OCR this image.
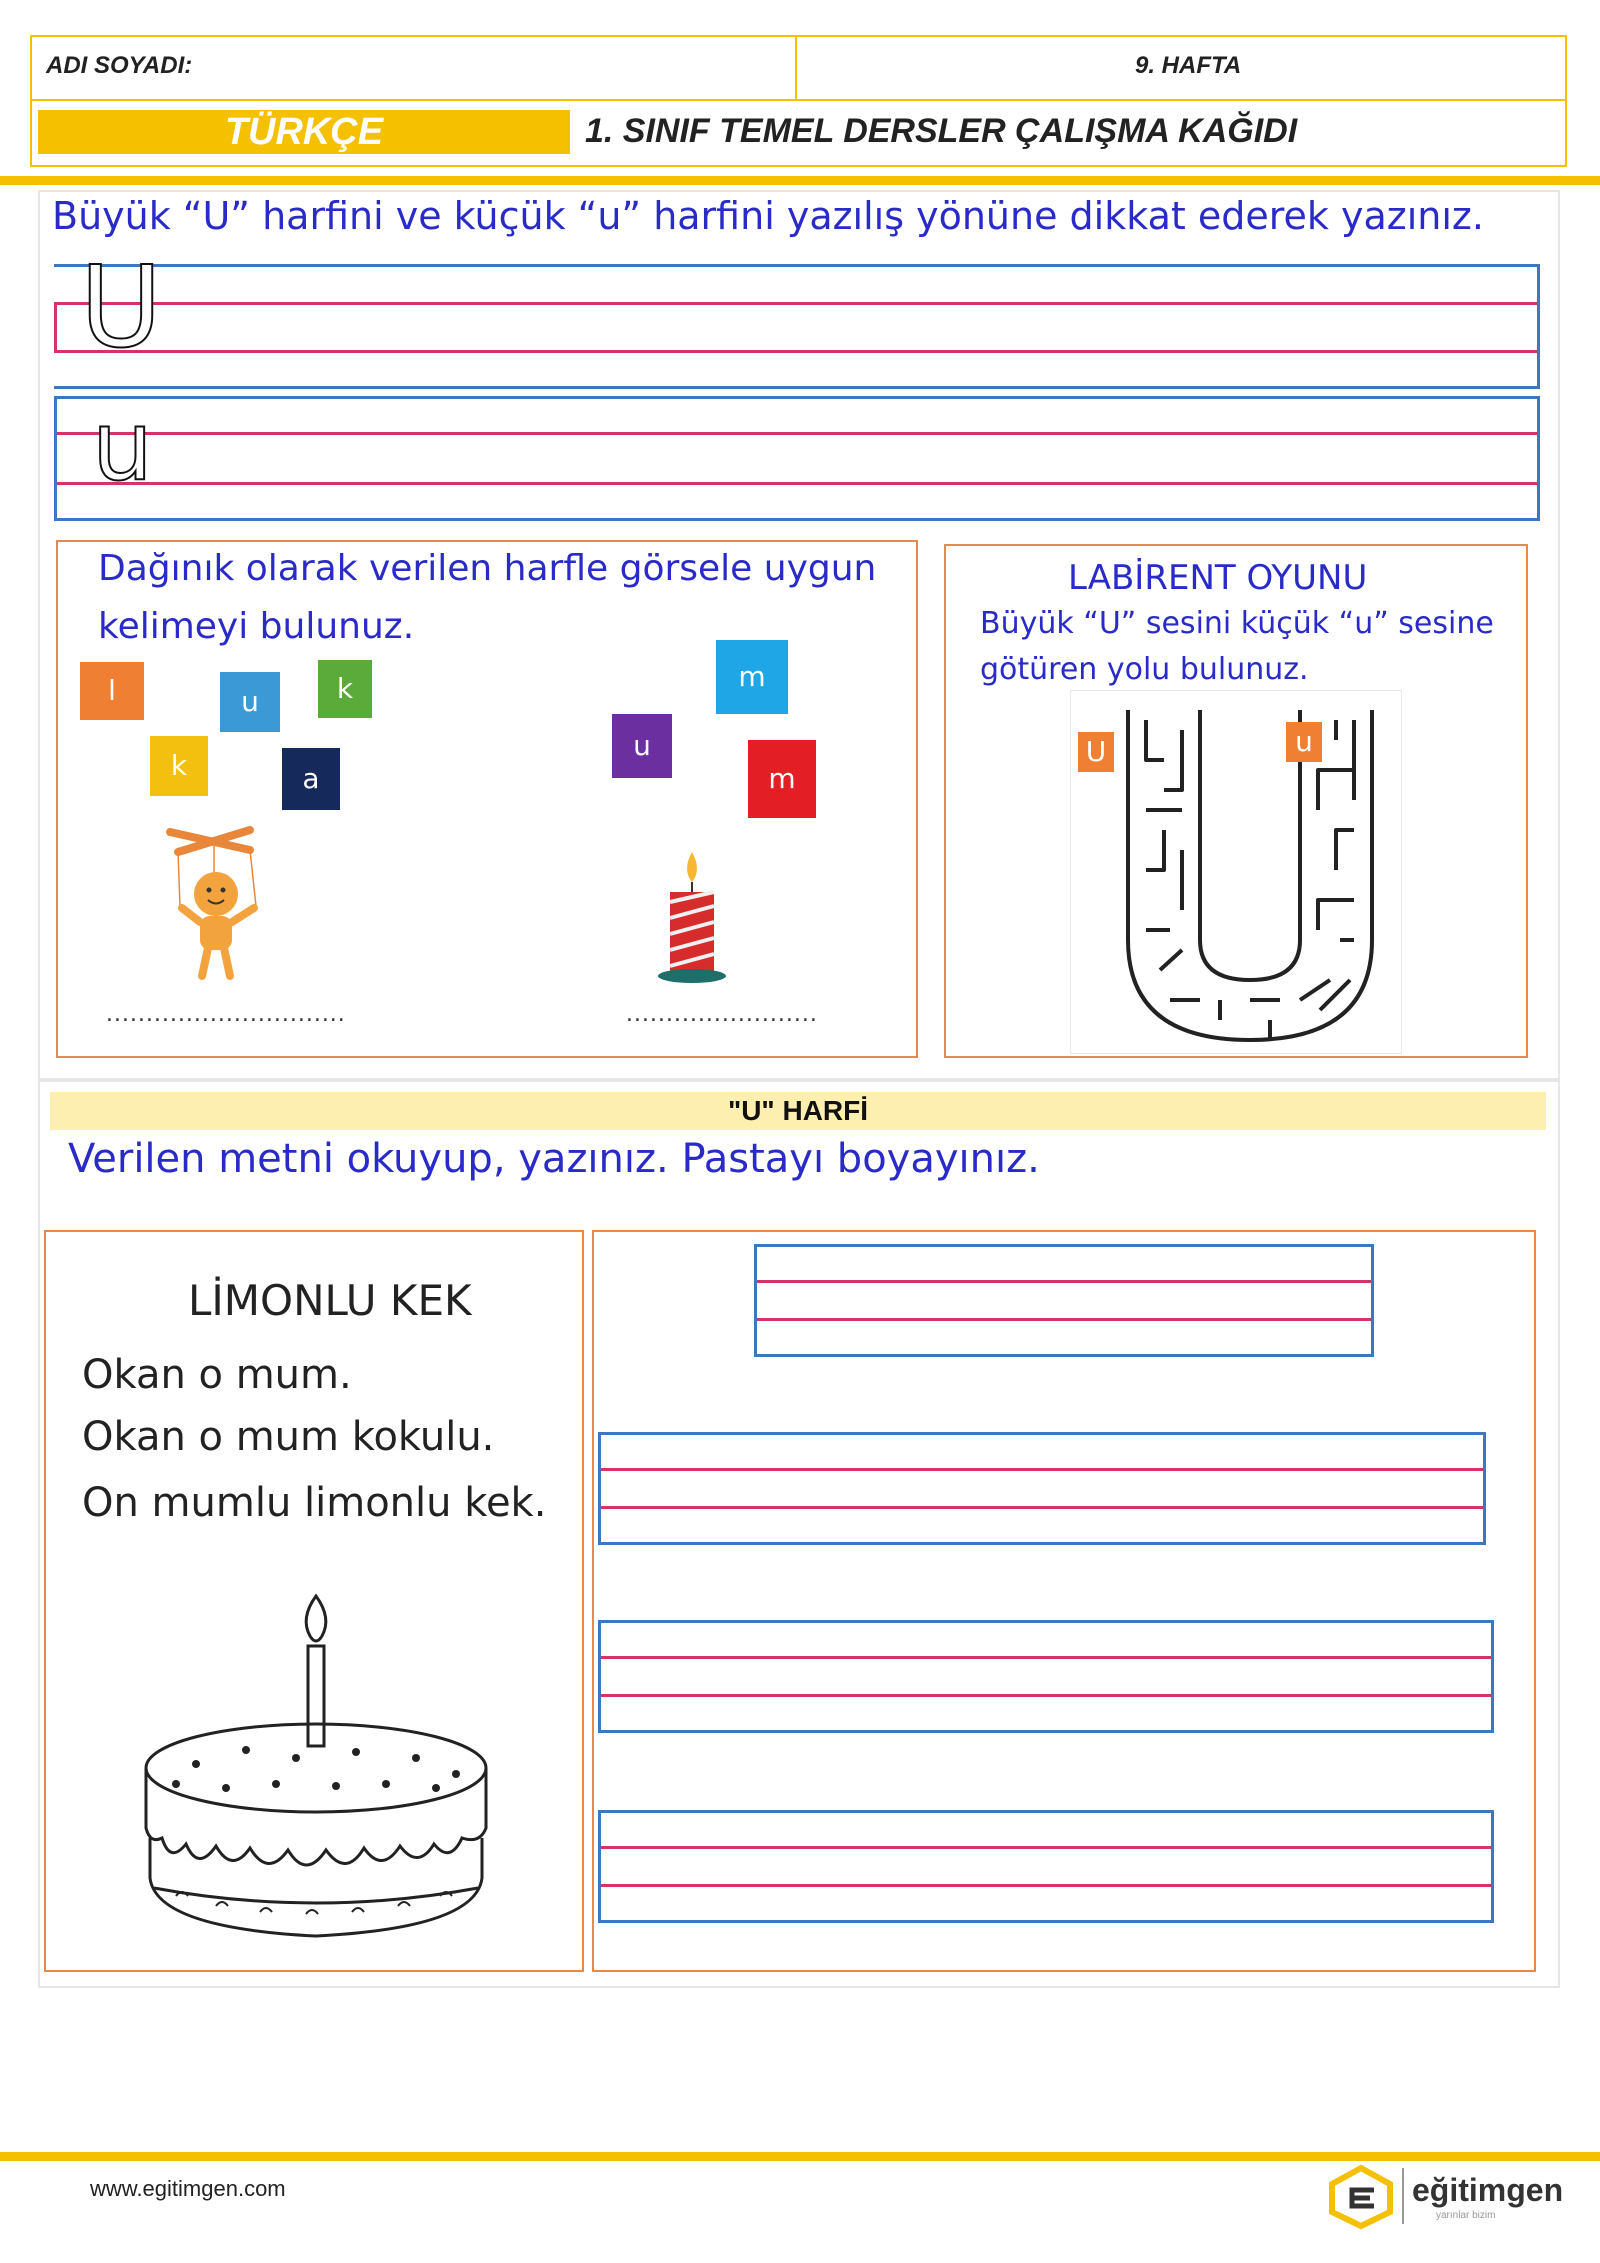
ADI SOYADI:	9. HAFTA
TÜRKÇE	1. SINIF TEMEL DERSLER ÇALIŞMA KAĞIDI
Büyük “U” harfini ve küçük “u” harfini yazılış yönüne dikkat ederek yazınız.
U
u
Dağınık olarak verilen harfle görsele uygun
kelimeyi bulunuz.
l	u	k
k	a
m
u
m
..............................	........................
LABİRENT OYUNU
Büyük “U” sesini küçük “u” sesine
götüren yolu bulunuz.
U	u
"U" HARFİ
Verilen metni okuyup, yazınız. Pastayı boyayınız.
LİMONLU KEK
Okan o mum.
Okan o mum kokulu.
On mumlu limonlu kek.
www.egitimgen.com	eğitimgen
yarınlar bizim
